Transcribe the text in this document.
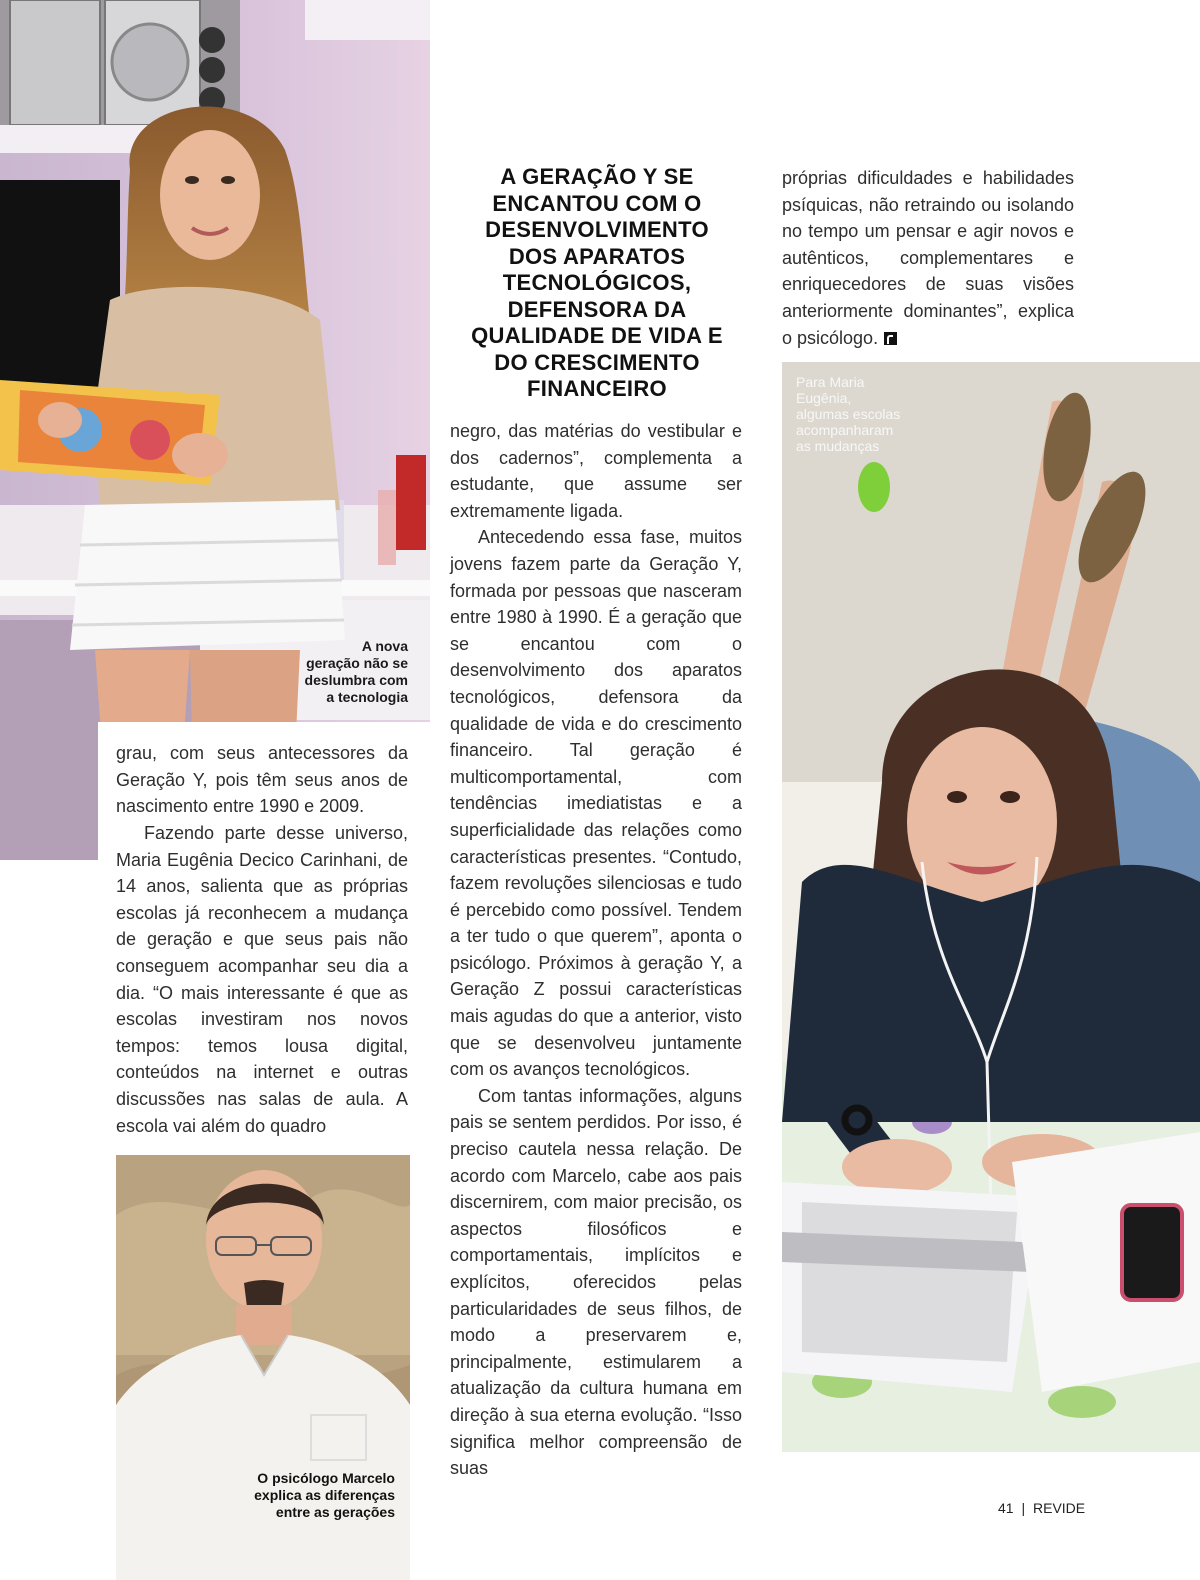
A nova
geração não se
deslumbra com
a tecnologia
O psicólogo Marcelo
explica as diferenças
entre as gerações
Para Maria
Eugênia,
algumas escolas
acompanharam
as mudanças
A GERAÇÃO Y SE ENCANTOU COM O DESENVOLVIMENTO DOS APARATOS TECNOLÓGICOS, DEFENSORA DA QUALIDADE DE VIDA E DO CRESCIMENTO FINANCEIRO

grau, com seus antecessores da Geração Y, pois têm seus anos de nascimento entre 1990 e 2009.

Fazendo parte desse universo, Maria Eugênia Decico Carinhani, de 14 anos, salienta que as próprias escolas já reconhecem a mudança de geração e que seus pais não conseguem acompanhar seu dia a dia. “O mais interessante é que as escolas investiram nos novos tempos: temos lousa digital, conteúdos na internet e outras discussões nas salas de aula. A escola vai além do quadro

negro, das matérias do vestibular e dos cadernos”, complementa a estudante, que assume ser extremamente ligada.

Antecedendo essa fase, muitos jovens fazem parte da Geração Y, formada por pessoas que nasceram entre 1980 à 1990. É a geração que se encantou com o desenvolvimento dos aparatos tecnológicos, defensora da qualidade de vida e do crescimento financeiro. Tal geração é multicomportamental, com tendências imediatistas e a superficialidade das relações como características presentes. “Contudo, fazem revoluções silenciosas e tudo é percebido como possível. Tendem a ter tudo o que querem”, aponta o psicólogo. Próximos à geração Y, a Geração Z possui características mais agudas do que a anterior, visto que se desenvolveu juntamente com os avanços tecnológicos.

Com tantas informações, alguns pais se sentem perdidos. Por isso, é preciso cautela nessa relação. De acordo com Marcelo, cabe aos pais discernirem, com maior precisão, os aspectos filosóficos e comportamentais, implícitos e explícitos, oferecidos pelas particularidades de seus filhos, de modo a preservarem e, principalmente, estimularem a atualização da cultura humana em direção à sua eterna evolução. “Isso significa melhor compreensão de suas

próprias dificuldades e habilidades psíquicas, não retraindo ou isolando no tempo um pensar e agir novos e autênticos, complementares e enriquecedores de suas visões anteriormente dominantes”, explica o psicólogo.

41 | REVIDE
